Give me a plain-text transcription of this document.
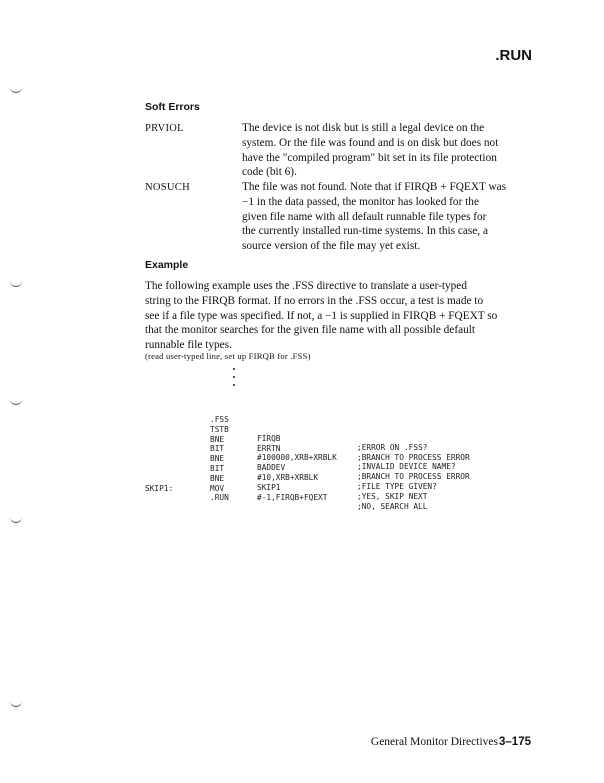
.RUN
Soft Errors
PRVIOL	The device is not disk but is still a legal device on the
system. Or the file was found and is on disk but does not
have the "compiled program" bit set in its file protection
code (bit 6).
NOSUCH	The file was not found. Note that if FIRQB + FQEXT was
−1 in the data passed, the monitor has looked for the
given file name with all default runnable file types for
the currently installed run-time systems. In this case, a
source version of the file may yet exist.
Example
The following example uses the .FSS directive to translate a user-typed
string to the FIRQB format. If no errors in the .FSS occur, a test is made to
see if a file type was specified. If not, a −1 is supplied in FIRQB + FQEXT so
that the monitor searches for the given file name with all possible default
runnable file types.
(read user-typed line, set up FIRQB for .FSS)

.FSS

TSTB

FIRQB

;ERROR ON .FSS?

BNE

ERRTN

;BRANCH TO PROCESS ERROR

BIT

#100000,XRB+XRBLK

;INVALID DEVICE NAME?

BNE

BADDEV

;BRANCH TO PROCESS ERROR

BIT

#10,XRB+XRBLK

;FILE TYPE GIVEN?

BNE

SKIP1

;YES, SKIP NEXT

MOV

#-1,FIRQB+FQEXT

;NO, SEARCH ALL

SKIP1:

.RUN

General Monitor Directives 3–175
